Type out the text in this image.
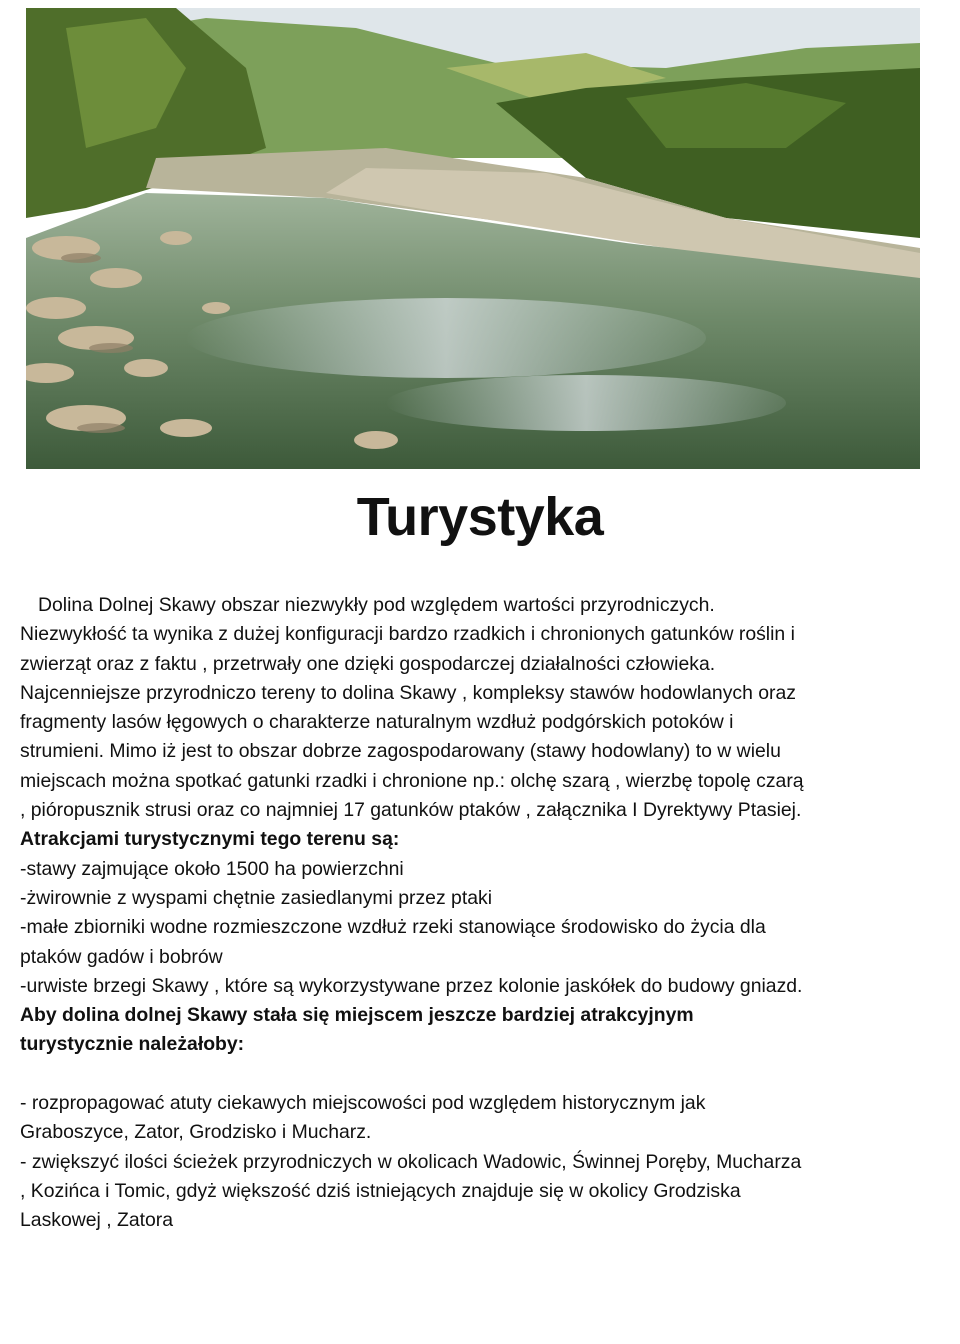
Turystyka

Dolina Dolnej Skawy obszar niezwykły pod względem wartości przyrodniczych.

Niezwykłość ta wynika z dużej konfiguracji bardzo rzadkich i chronionych gatunków roślin i

zwierząt oraz z faktu , przetrwały one dzięki gospodarczej działalności człowieka.

Najcenniejsze przyrodniczo tereny to dolina Skawy , kompleksy stawów hodowlanych oraz

fragmenty lasów łęgowych o charakterze naturalnym wzdłuż podgórskich potoków i

strumieni. Mimo iż jest to obszar dobrze zagospodarowany (stawy hodowlany) to w wielu

miejscach można spotkać gatunki rzadki i chronione np.: olchę szarą , wierzbę topolę czarą

, pióropusznik strusi oraz co najmniej 17 gatunków ptaków , załącznika I Dyrektywy Ptasiej.

Atrakcjami turystycznymi tego terenu są:

-stawy zajmujące około 1500 ha powierzchni

-żwirownie z wyspami chętnie zasiedlanymi przez ptaki

-małe zbiorniki wodne rozmieszczone wzdłuż rzeki stanowiące środowisko do życia dla

ptaków gadów i bobrów

-urwiste brzegi Skawy , które są wykorzystywane przez kolonie jaskółek do budowy gniazd.

Aby dolina dolnej Skawy stała się miejscem jeszcze bardziej atrakcyjnym

turystycznie należałoby:

- rozpropagować atuty ciekawych miejscowości pod względem historycznym jak

Graboszyce, Zator, Grodzisko i Mucharz.

- zwiększyć ilości ścieżek przyrodniczych w okolicach Wadowic, Świnnej Poręby, Mucharza

, Kozińca i Tomic, gdyż większość dziś istniejących znajduje się w okolicy Grodziska

Laskowej , Zatora
